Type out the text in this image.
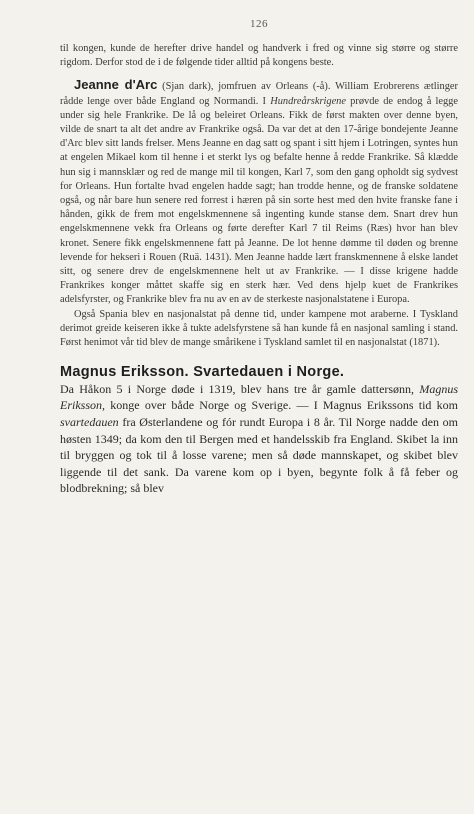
126

til kongen, kunde de herefter drive handel og handverk i fred og vinne sig større og større rigdom. Derfor stod de i de følgende tider alltid på kongens beste.

Jeanne d'Arc (Sjan dark), jomfruen av Orleans (-å). William Erobrerens ætlinger rådde lenge over både England og Normandi. I Hundreårskrigene prøvde de endog å legge under sig hele Frankrike. De lå og beleiret Orleans. Fikk de først makten over denne byen, vilde de snart ta alt det andre av Frankrike også. Da var det at den 17-årige bondejente Jeanne d'Arc blev sitt lands frelser. Mens Jeanne en dag satt og spant i sitt hjem i Lotringen, syntes hun at engelen Mikael kom til henne i et sterkt lys og befalte henne å redde Frankrike. Så klædde hun sig i mannsklær og red de mange mil til kongen, Karl 7, som den gang opholdt sig sydvest for Orleans. Hun fortalte hvad engelen hadde sagt; han trodde henne, og de franske soldatene også, og når bare hun senere red forrest i hæren på sin sorte hest med den hvite franske fane i hånden, gikk de frem mot engelskmennene så ingenting kunde stanse dem. Snart drev hun engelskmennene vekk fra Orleans og førte derefter Karl 7 til Reims (Ræs) hvor han blev kronet. Senere fikk engelskmennene fatt på Jeanne. De lot henne dømme til døden og brenne levende for hekseri i Rouen (Ruä. 1431). Men Jeanne hadde lært franskmennene å elske landet sitt, og senere drev de engelskmennene helt ut av Frankrike. — I disse krigene hadde Frankrikes konger måttet skaffe sig en sterk hær. Ved dens hjelp kuet de Frankrikes adelsfyrster, og Frankrike blev fra nu av en av de sterkeste nasjonalstatene i Europa.

Også Spania blev en nasjonalstat på denne tid, under kampene mot araberne. I Tyskland derimot greide keiseren ikke å tukte adelsfyrstene så han kunde få en nasjonal samling i stand. Først henimot vår tid blev de mange smårikene i Tyskland samlet til en nasjonalstat (1871).

Magnus Eriksson. Svartedauen i Norge.

Da Håkon 5 i Norge døde i 1319, blev hans tre år gamle dattersønn, Magnus Eriksson, konge over både Norge og Sverige. — I Magnus Erikssons tid kom svartedauen fra Østerlandene og fór rundt Europa i 8 år. Til Norge nadde den om høsten 1349; da kom den til Bergen med et handelsskib fra England. Skibet la inn til bryggen og tok til å losse varene; men så døde mannskapet, og skibet blev liggende til det sank. Da varene kom op i byen, begynte folk å få feber og blodbrekning; så blev
